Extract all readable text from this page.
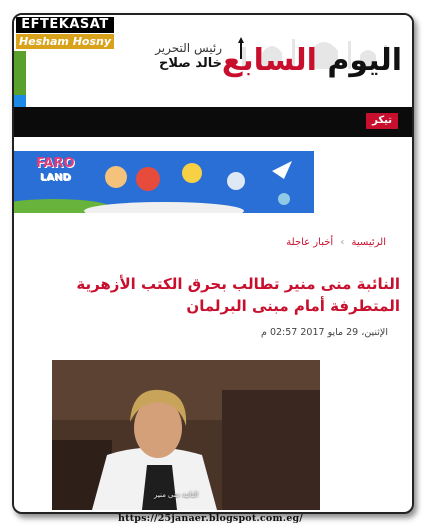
EFTEKASAT
Hesham Hosny	رئيس التحرير
خالد صلاح	اليوم السابع
تيكر
FARO
LAND
الرئيسية › أخبار عاجلة
النائبة منى منير تطالب بحرق الكتب الأزهرية المتطرفة أمام مبنى البرلمان
الإثنين، 29 مايو 2017 02:57 م
النائبة منى منير
https://25janaer.blogspot.com.eg/
